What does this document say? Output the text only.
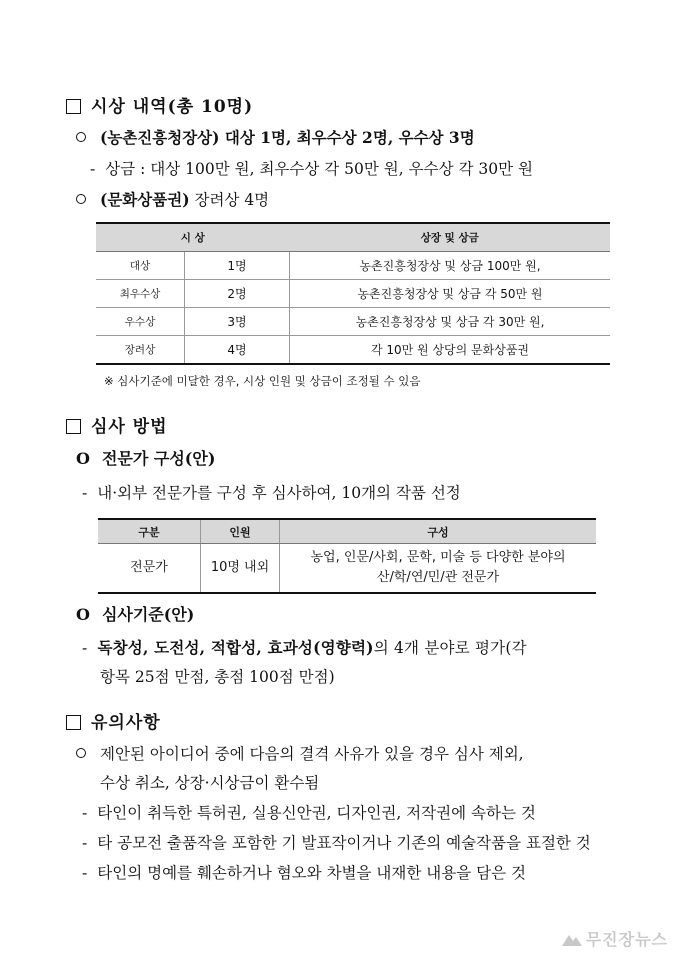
시상 내역(총 10명)
(농촌진흥청장상) 대상 1명, 최우수상 2명, 우수상 3명
- 상금 : 대상 100만 원, 최우수상 각 50만 원, 우수상 각 30만 원
(문화상품권) 장려상 4명
시 상		상장 및 상금
대상	1명	농촌진흥청장상 및 상금 100만 원,
최우수상	2명	농촌진흥청장상 및 상금 각 50만 원
우수상	3명	농촌진흥청장상 및 상금 각 30만 원,
장려상	4명	각 10만 원 상당의 문화상품권
※ 심사기준에 미달한 경우, 시상 인원 및 상금이 조정될 수 있음
심사 방법
O 전문가 구성(안)
- 내·외부 전문가를 구성 후 심사하여, 10개의 작품 선정
구분	인원	구성
전문가	10명 내외	농업, 인문/사회, 문학, 미술 등 다양한 분야의
산/학/연/민/관 전문가
O 심사기준(안)
- 독창성, 도전성, 적합성, 효과성(영향력)의 4개 분야로 평가(각
항목 25점 만점, 총점 100점 만점)
유의사항
제안된 아이디어 중에 다음의 결격 사유가 있을 경우 심사 제외,
수상 취소, 상장·시상금이 환수됨
- 타인이 취득한 특허권, 실용신안권, 디자인권, 저작권에 속하는 것
- 타 공모전 출품작을 포함한 기 발표작이거나 기존의 예술작품을 표절한 것
- 타인의 명예를 훼손하거나 혐오와 차별을 내재한 내용을 담은 것
무진장뉴스
